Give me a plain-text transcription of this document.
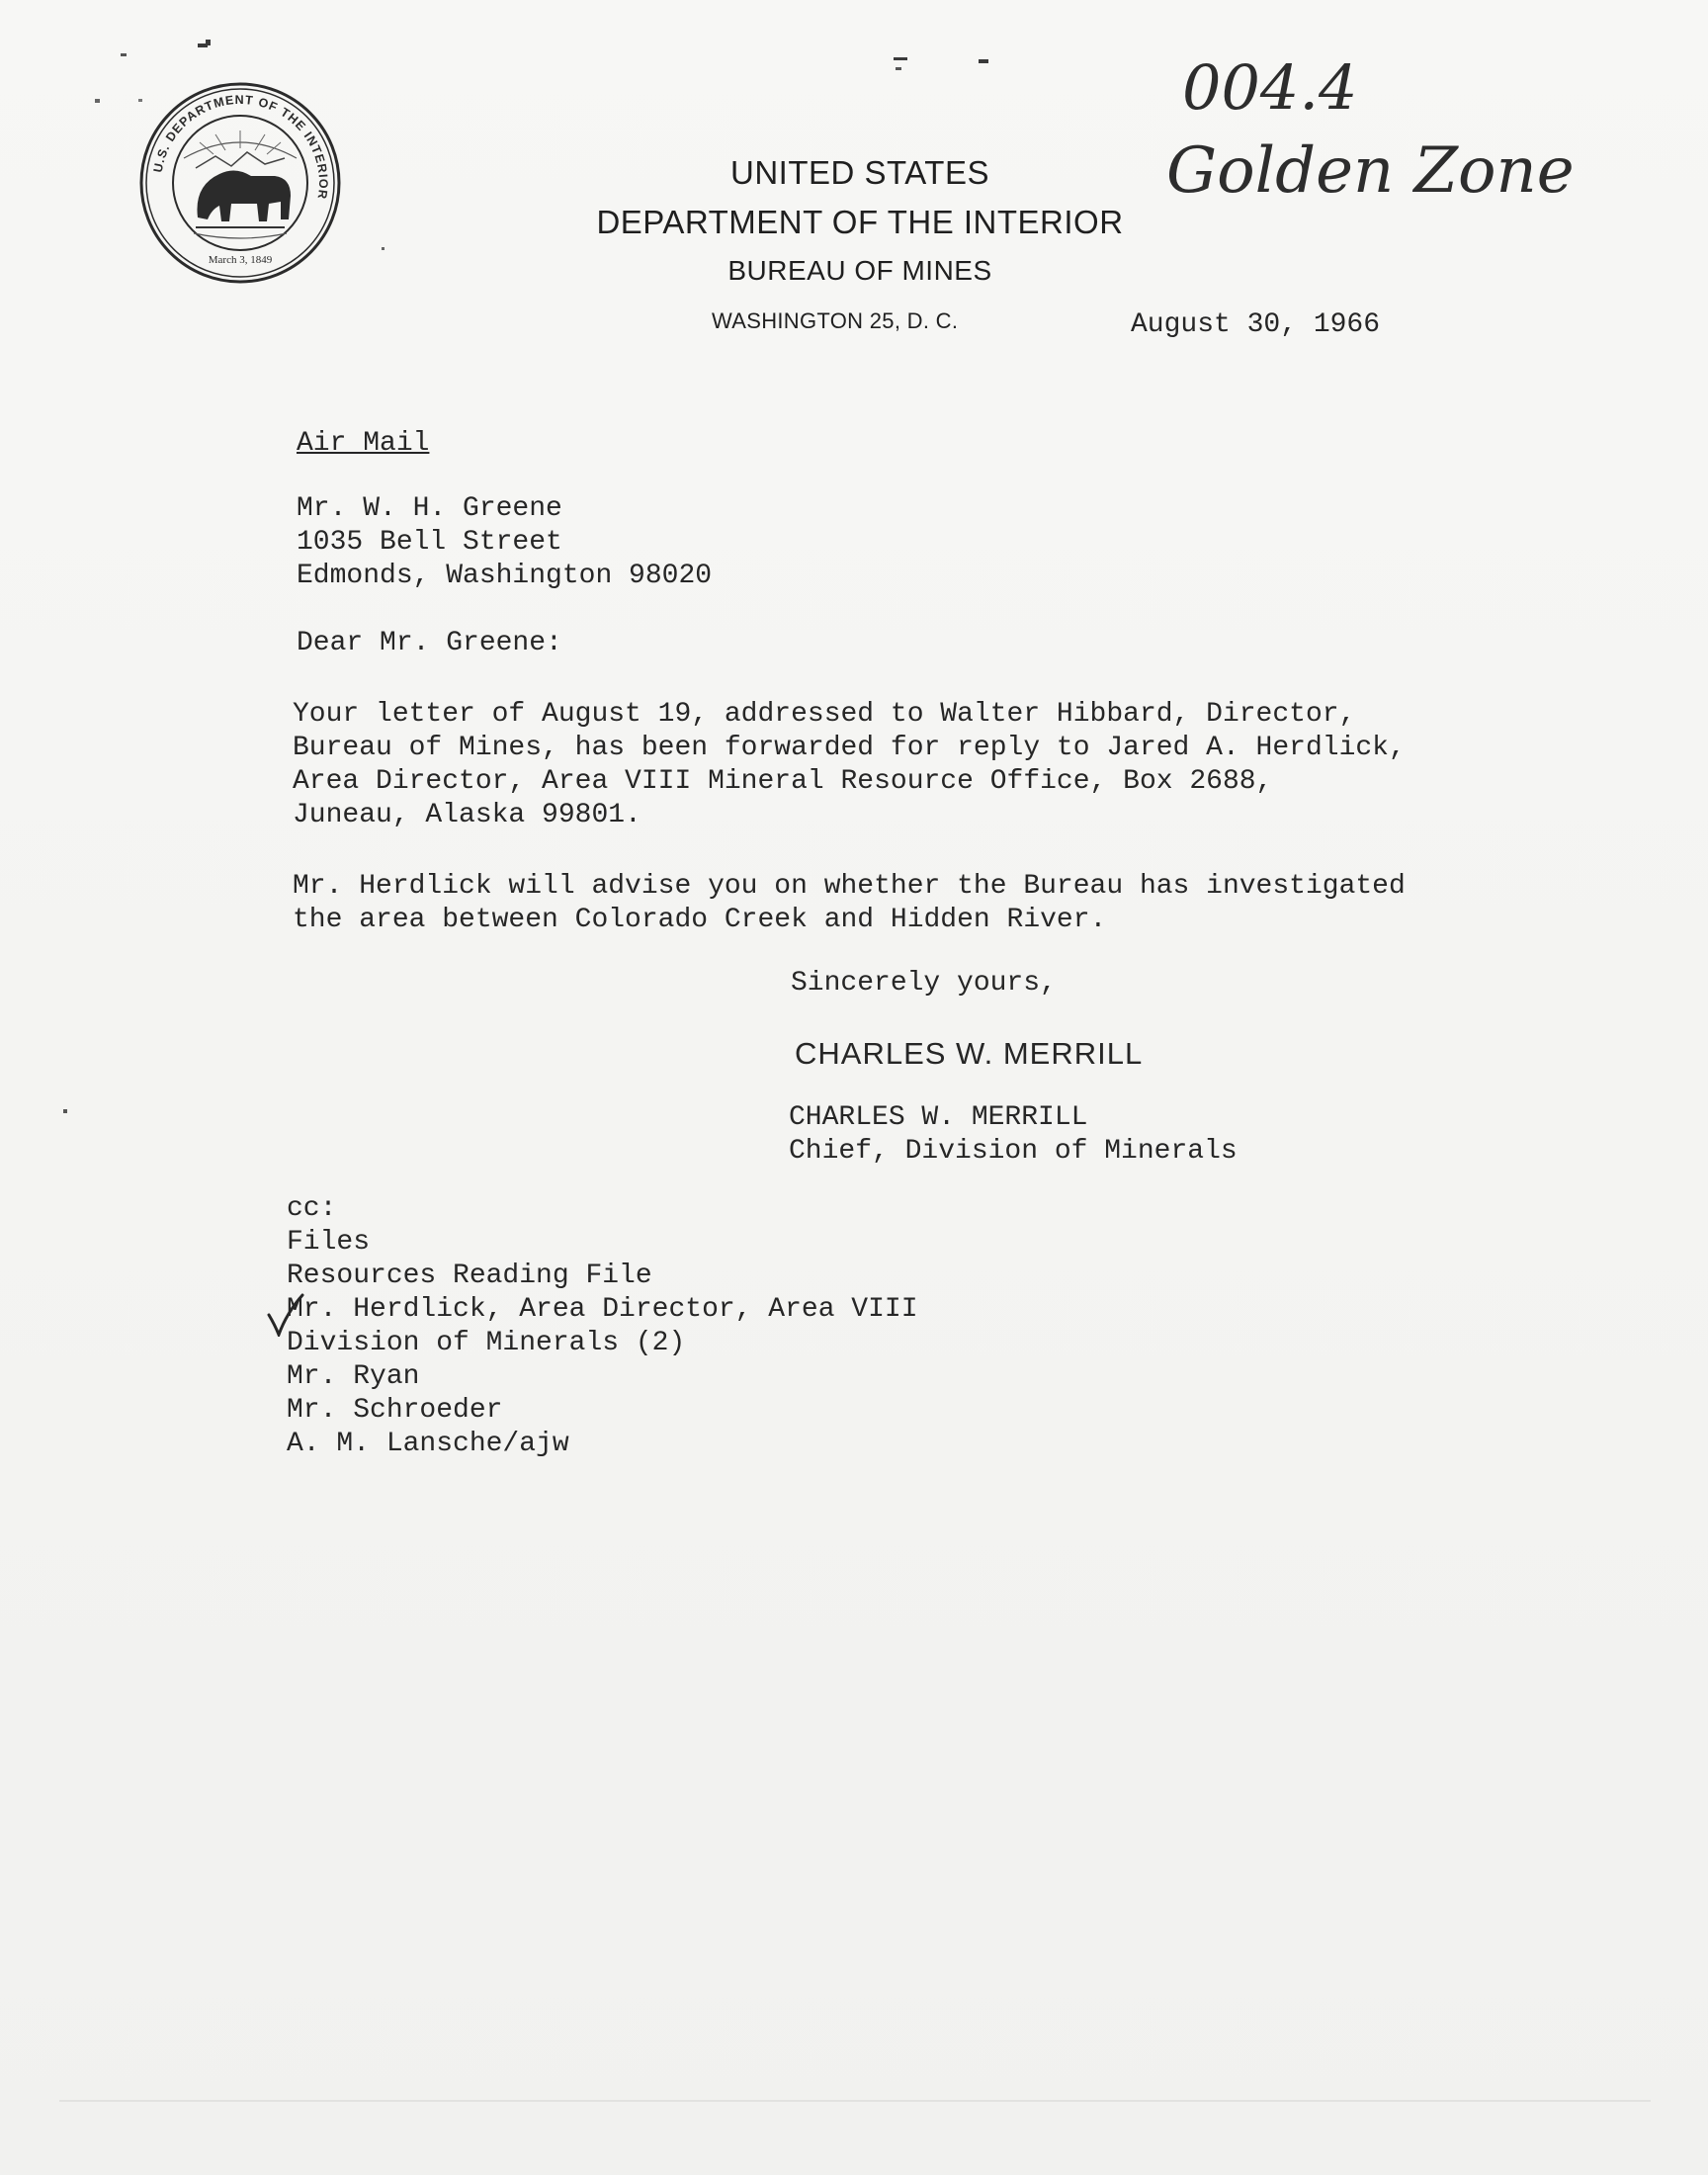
U.S. DEPARTMENT OF THE INTERIOR
March 3, 1849
UNITED STATES
DEPARTMENT OF THE INTERIOR
BUREAU OF MINES
WASHINGTON 25, D. C.
004.4
Golden Zone
August 30, 1966
Air Mail
Mr. W. H. Greene
1035 Bell Street
Edmonds, Washington 98020
Dear Mr. Greene:
Your letter of August 19, addressed to Walter Hibbard, Director,
Bureau of Mines, has been forwarded for reply to Jared A. Herdlick,
Area Director, Area VIII Mineral Resource Office, Box 2688,
Juneau, Alaska 99801.
Mr. Herdlick will advise you on whether the Bureau has investigated
the area between Colorado Creek and Hidden River.
Sincerely yours,
CHARLES W. MERRILL
CHARLES W. MERRILL
Chief, Division of Minerals
cc:
Files
Resources Reading File
Mr. Herdlick, Area Director, Area VIII
Division of Minerals (2)
Mr. Ryan
Mr. Schroeder
A. M. Lansche/ajw
